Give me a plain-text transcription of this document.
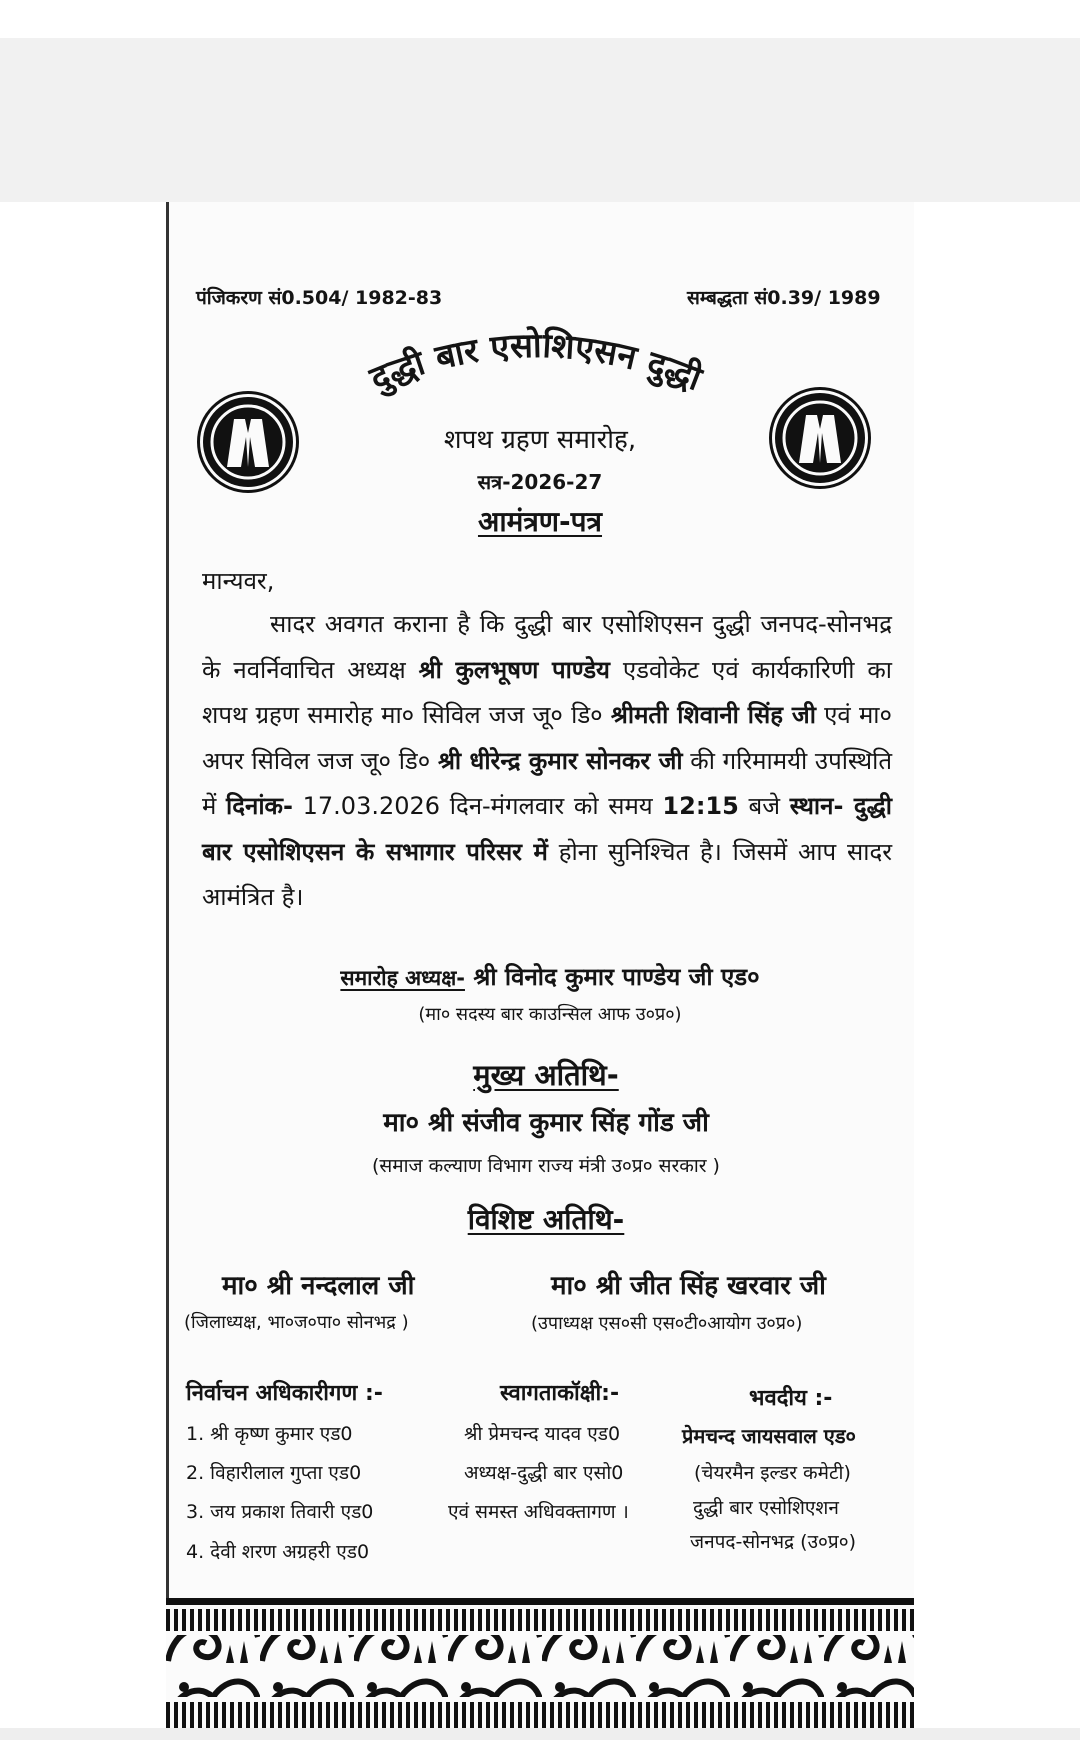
पंजिकरण सं0.504/ 1982-83	सम्बद्धता सं0.39/ 1989
दुद्धी बार एसोशिएसन दुद्धी
शपथ ग्रहण समारोह,
सत्र-2026-27
आमंत्रण-पत्र
मान्यवर,
सादर अवगत कराना है कि दुद्धी बार एसोशिएसन दुद्धी जनपद-सोनभद्र के नवर्निवाचित अध्यक्ष श्री कुलभूषण पाण्डेय एडवोकेट एवं कार्यकारिणी का शपथ ग्रहण समारोह मा० सिविल जज जू० डि० श्रीमती शिवानी सिंह जी एवं मा० अपर सिविल जज जू० डि० श्री धीरेन्द्र कुमार सोनकर जी की गरिमामयी उपस्थिति में दिनांक- 17.03.2026 दिन-मंगलवार को समय 12:15 बजे स्थान- दुद्धी बार एसोशिएसन के सभागार परिसर में होना सुनिश्चित है। जिसमें आप सादर आमंत्रित है।
समारोह अध्यक्ष- श्री विनोद कुमार पाण्डेय जी एड०
(मा० सदस्य बार काउन्सिल आफ उ०प्र०)
मुख्य अतिथि-
मा० श्री संजीव कुमार सिंह गोंड जी
(समाज कल्याण विभाग राज्य मंत्री उ०प्र० सरकार )
विशिष्ट अतिथि-
मा० श्री नन्दलाल जी
(जिलाध्यक्ष, भा०ज०पा० सोनभद्र )
मा० श्री जीत सिंह खरवार जी
(उपाध्यक्ष एस०सी एस०टी०आयोग उ०प्र०)
निर्वाचन अधिकारीगण :-
1. श्री कृष्ण कुमार एड0
2. विहारीलाल गुप्ता एड0
3. जय प्रकाश तिवारी एड0
4. देवी शरण अग्रहरी एड0
स्वागताकॉक्षी:-
श्री प्रेमचन्द यादव एड0
अध्यक्ष-दुद्धी बार एसो0
एवं समस्त अधिवक्तागण ।
भवदीय :-
प्रेमचन्द जायसवाल एड०
(चेयरमैन इल्डर कमेटी)
दुद्धी बार एसोशिएशन
जनपद-सोनभद्र (उ०प्र०)
